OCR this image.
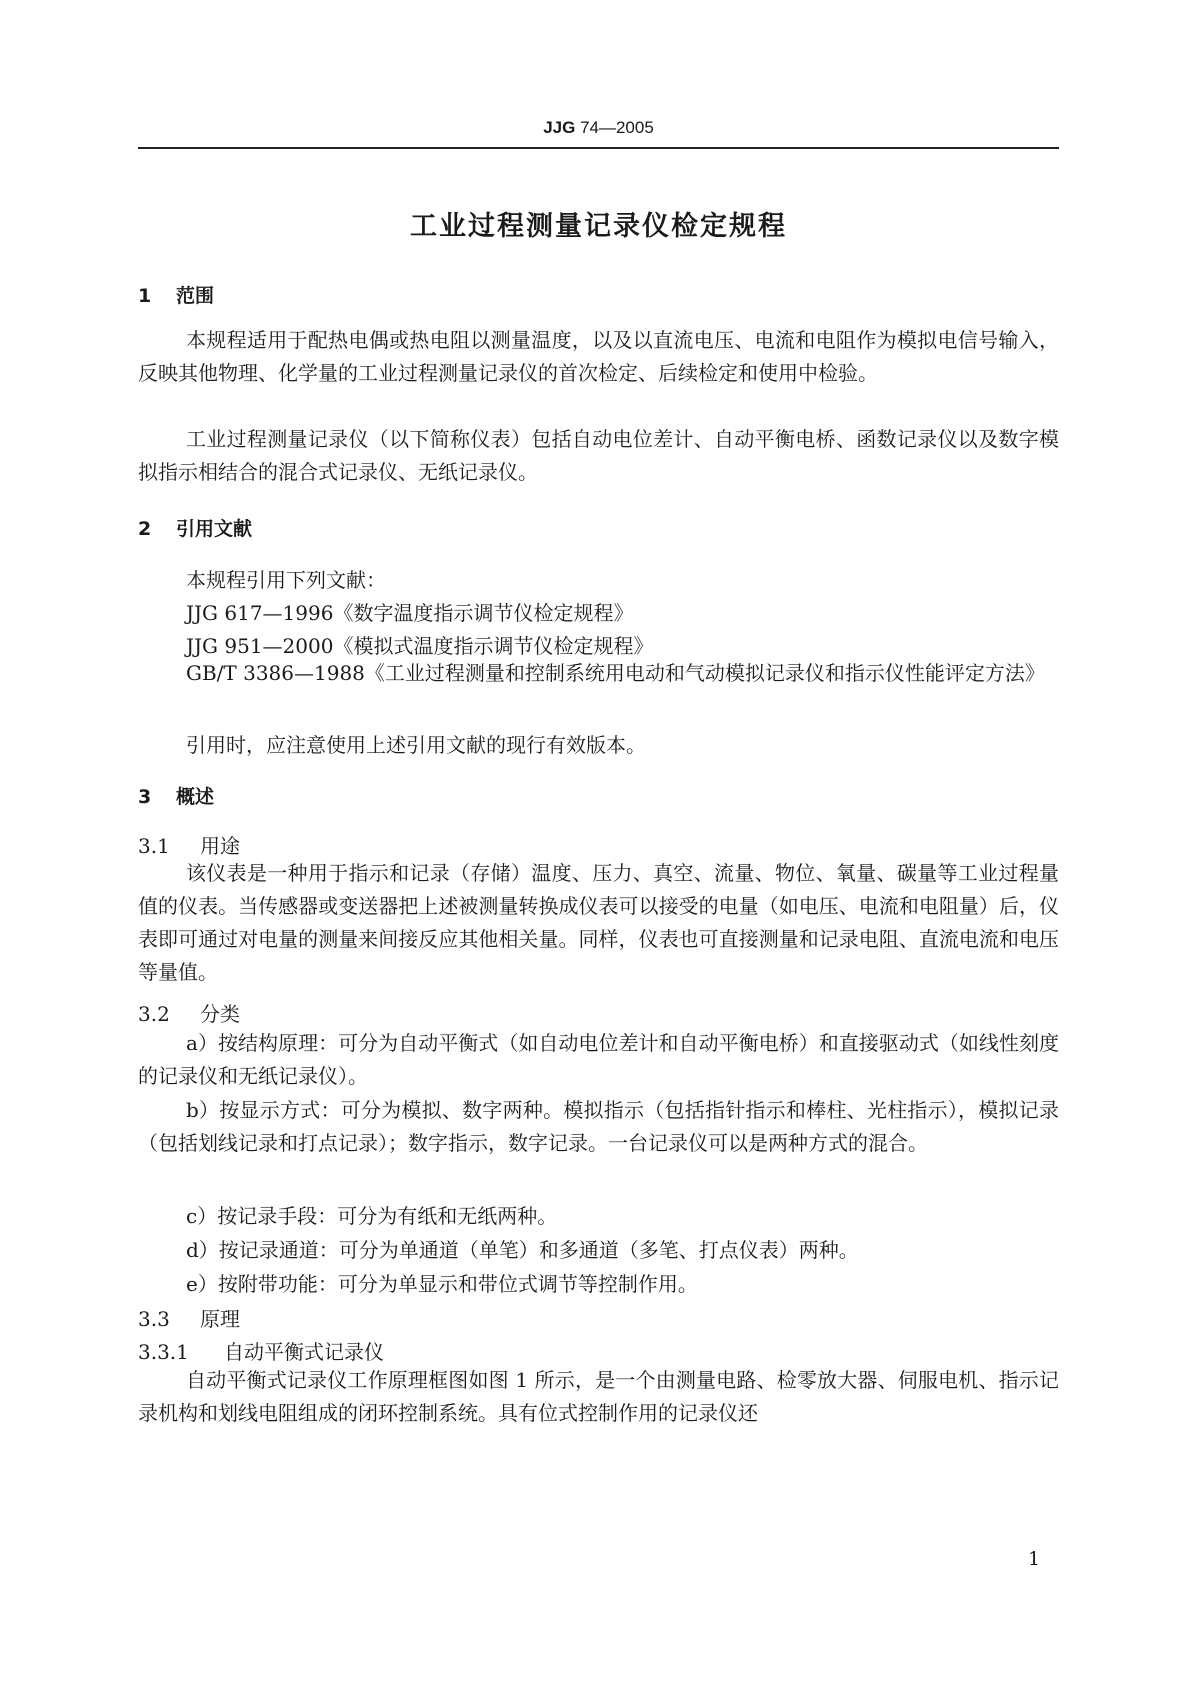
JJG 74—2005
工业过程测量记录仪检定规程
1 范围
本规程适用于配热电偶或热电阻以测量温度，以及以直流电压、电流和电阻作为模拟电信号输入，反映其他物理、化学量的工业过程测量记录仪的首次检定、后续检定和使用中检验。
工业过程测量记录仪（以下简称仪表）包括自动电位差计、自动平衡电桥、函数记录仪以及数字模拟指示相结合的混合式记录仪、无纸记录仪。
2 引用文献
本规程引用下列文献：
JJG 617—1996《数字温度指示调节仪检定规程》
JJG 951—2000《模拟式温度指示调节仪检定规程》
GB/T 3386—1988《工业过程测量和控制系统用电动和气动模拟记录仪和指示仪性能评定方法》
引用时，应注意使用上述引用文献的现行有效版本。
3 概述
3.1 用途
该仪表是一种用于指示和记录（存储）温度、压力、真空、流量、物位、氧量、碳量等工业过程量值的仪表。当传感器或变送器把上述被测量转换成仪表可以接受的电量（如电压、电流和电阻量）后，仪表即可通过对电量的测量来间接反应其他相关量。同样，仪表也可直接测量和记录电阻、直流电流和电压等量值。
3.2 分类
a）按结构原理：可分为自动平衡式（如自动电位差计和自动平衡电桥）和直接驱动式（如线性刻度的记录仪和无纸记录仪）。
b）按显示方式：可分为模拟、数字两种。模拟指示（包括指针指示和棒柱、光柱指示），模拟记录（包括划线记录和打点记录）；数字指示，数字记录。一台记录仪可以是两种方式的混合。
c）按记录手段：可分为有纸和无纸两种。
d）按记录通道：可分为单通道（单笔）和多通道（多笔、打点仪表）两种。
e）按附带功能：可分为单显示和带位式调节等控制作用。
3.3 原理
3.3.1 自动平衡式记录仪
自动平衡式记录仪工作原理框图如图 1 所示，是一个由测量电路、检零放大器、伺服电机、指示记录机构和划线电阻组成的闭环控制系统。具有位式控制作用的记录仪还
1
